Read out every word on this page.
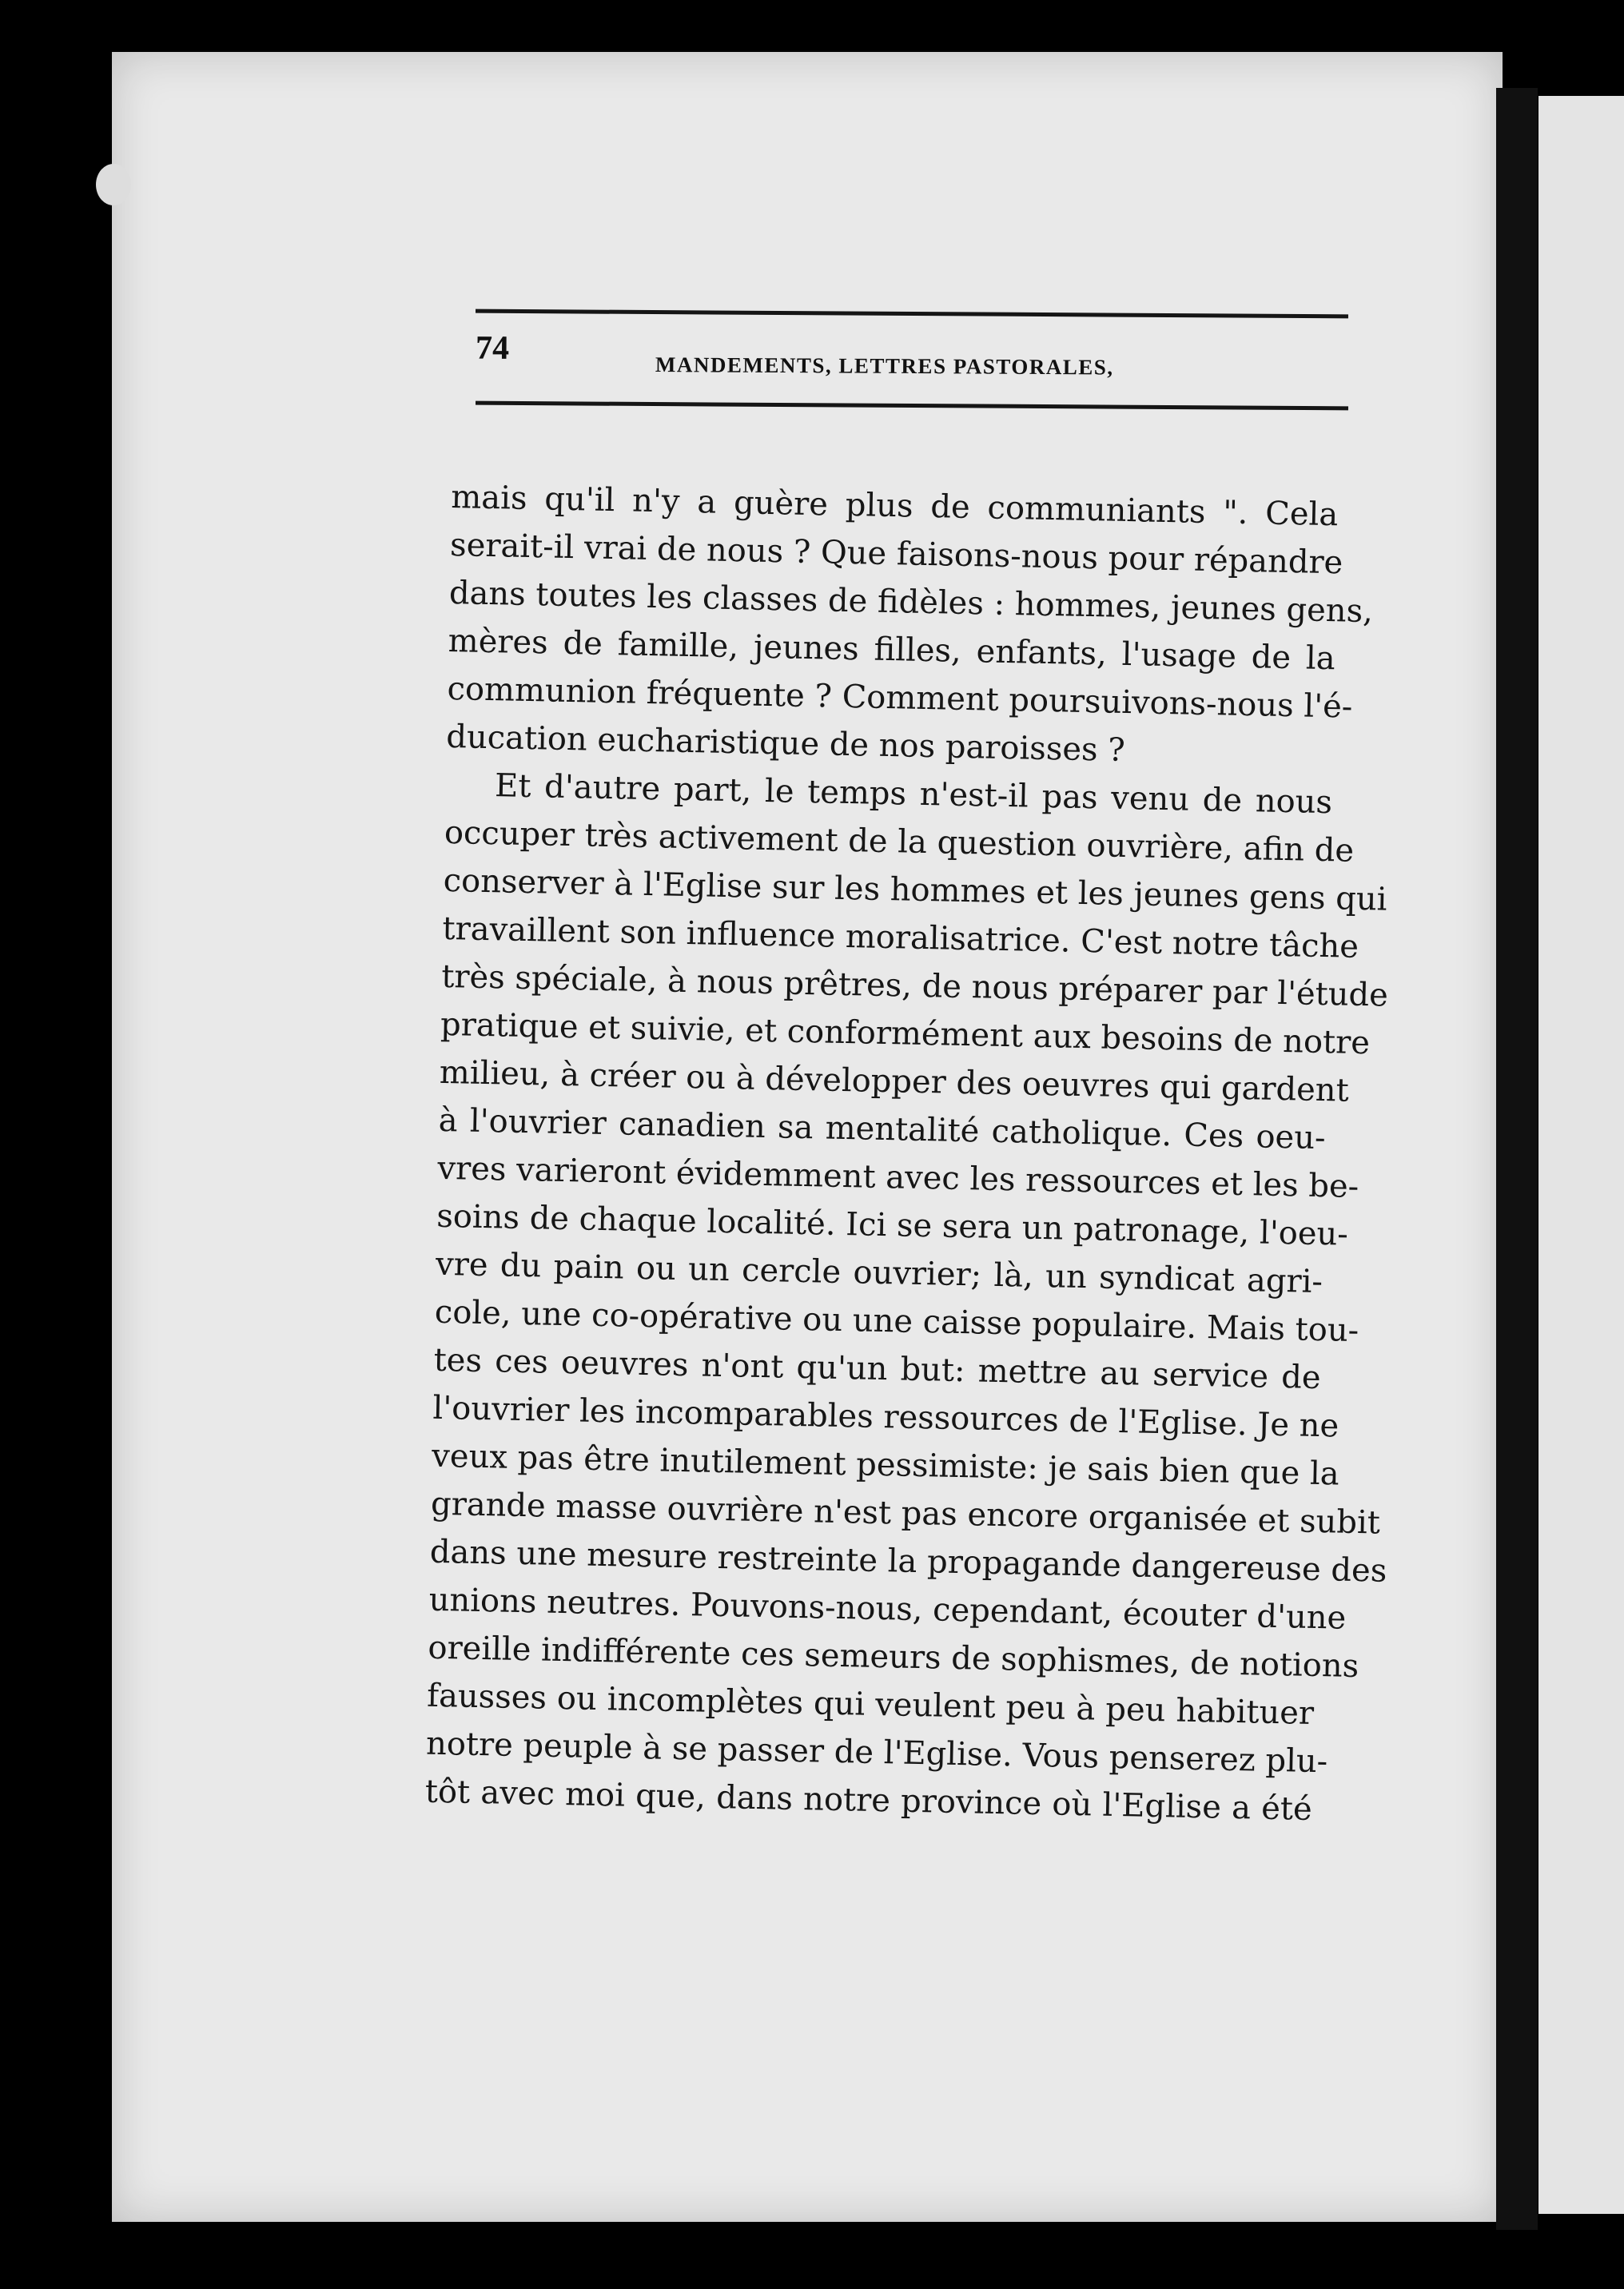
74	MANDEMENTS, LETTRES PASTORALES,
mais qu'il n'y a guère plus de communiants ". Cela
serait-il vrai de nous ? Que faisons-nous pour répandre
dans toutes les classes de fidèles : hommes, jeunes gens,
mères de famille, jeunes filles, enfants, l'usage de la
communion fréquente ? Comment poursuivons-nous l'é-
ducation eucharistique de nos paroisses ?
Et d'autre part, le temps n'est-il pas venu de nous
occuper très activement de la question ouvrière, afin de
conserver à l'Eglise sur les hommes et les jeunes gens qui
travaillent son influence moralisatrice. C'est notre tâche
très spéciale, à nous prêtres, de nous préparer par l'étude
pratique et suivie, et conformément aux besoins de notre
milieu, à créer ou à développer des oeuvres qui gardent
à l'ouvrier canadien sa mentalité catholique. Ces oeu-
vres varieront évidemment avec les ressources et les be-
soins de chaque localité. Ici se sera un patronage, l'oeu-
vre du pain ou un cercle ouvrier; là, un syndicat agri-
cole, une co-opérative ou une caisse populaire. Mais tou-
tes ces oeuvres n'ont qu'un but: mettre au service de
l'ouvrier les incomparables ressources de l'Eglise. Je ne
veux pas être inutilement pessimiste: je sais bien que la
grande masse ouvrière n'est pas encore organisée et subit
dans une mesure restreinte la propagande dangereuse des
unions neutres. Pouvons-nous, cependant, écouter d'une
oreille indifférente ces semeurs de sophismes, de notions
fausses ou incomplètes qui veulent peu à peu habituer
notre peuple à se passer de l'Eglise. Vous penserez plu-
tôt avec moi que, dans notre province où l'Eglise a été
